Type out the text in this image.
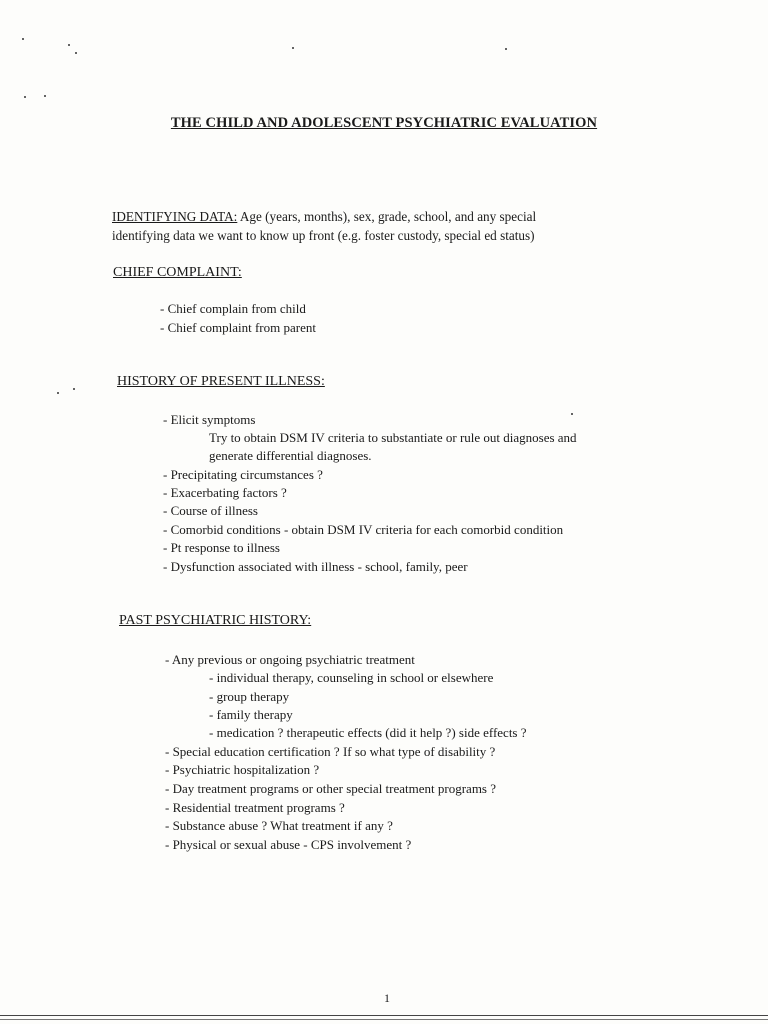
THE CHILD AND ADOLESCENT PSYCHIATRIC EVALUATION
IDENTIFYING DATA: Age (years, months), sex, grade, school, and any special
identifying data we want to know up front (e.g. foster custody, special ed status)
CHIEF COMPLAINT:
- Chief complain from child
- Chief complaint from parent
HISTORY OF PRESENT ILLNESS:
- Elicit symptoms
Try to obtain DSM IV criteria to substantiate or rule out diagnoses and
generate differential diagnoses.
- Precipitating circumstances ?
- Exacerbating factors ?
- Course of illness
- Comorbid conditions - obtain DSM IV criteria for each comorbid condition
- Pt response to illness
- Dysfunction associated with illness - school, family, peer
PAST PSYCHIATRIC HISTORY:
- Any previous or ongoing psychiatric treatment
- individual therapy, counseling in school or elsewhere
- group therapy
- family therapy
- medication ? therapeutic effects (did it help ?) side effects ?
- Special education certification ? If so what type of disability ?
- Psychiatric hospitalization ?
- Day treatment programs or other special treatment programs ?
- Residential treatment programs ?
- Substance abuse ? What treatment if any ?
- Physical or sexual abuse - CPS involvement ?
1
